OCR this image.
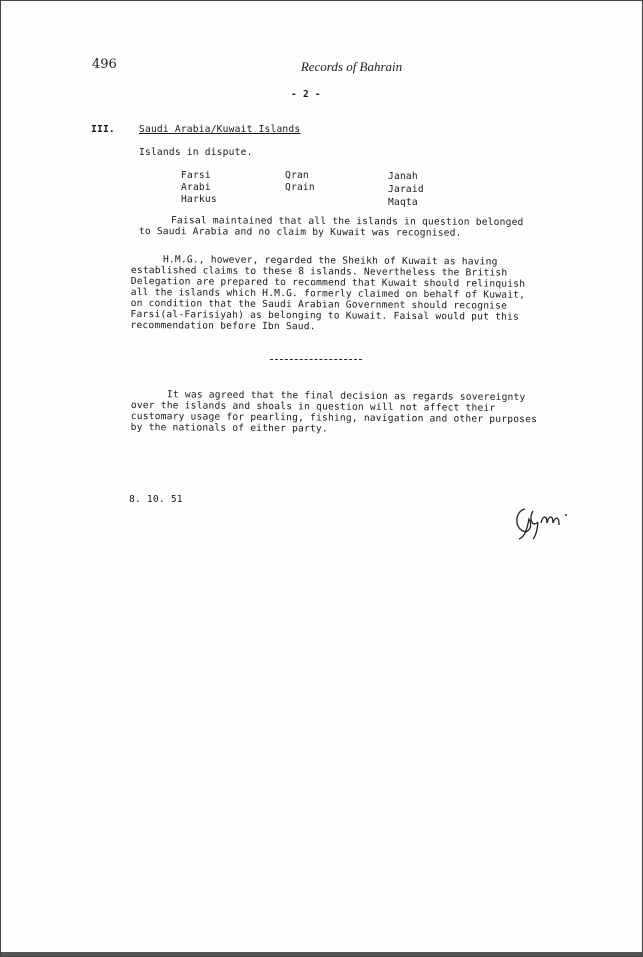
496	Records of Bahrain
- 2 -
III.	Saudi Arabia/Kuwait Islands
Islands in dispute.
Farsi
Arabi
Harkus
Qran
Qrain
Janah
Jaraid
Maqta
Faisal maintained that all the islands in question belonged
to Saudi Arabia and no claim by Kuwait was recognised.
H.M.G., however, regarded the Sheikh of Kuwait as having
established claims to these 8 islands. Nevertheless the British
Delegation are prepared to recommend that Kuwait should relinquish
all the islands which H.M.G. formerly claimed on behalf of Kuwait,
on condition that the Saudi Arabian Government should recognise
Farsi(al-Farisiyah) as belonging to Kuwait. Faisal would put this
recommendation before Ibn Saud.
It was agreed that the final decision as regards sovereignty
over the islands and shoals in question will not affect their
customary usage for pearling, fishing, navigation and other purposes
by the nationals of either party.
8. 10. 51
